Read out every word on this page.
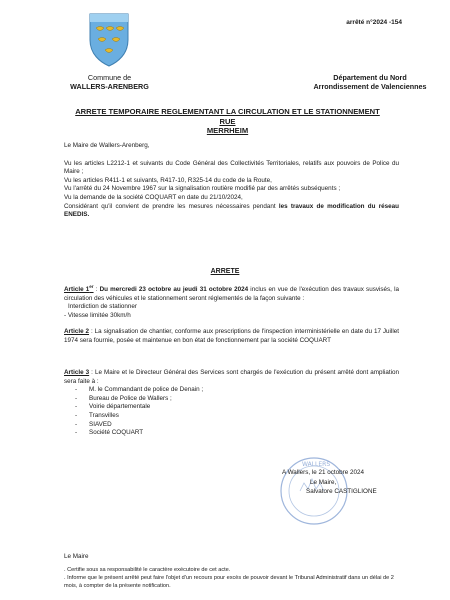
arrêté n°2024 -154
Commune de
WALLERS-ARENBERG
Département du Nord
Arrondissement de Valenciennes
ARRETE TEMPORAIRE REGLEMENTANT LA CIRCULATION ET LE STATIONNEMENT RUE
MERRHEIM
Le Maire de Wallers-Arenberg,
Vu les articles L2212-1 et suivants du Code Général des Collectivités Territoriales, relatifs aux pouvoirs de Police du Maire ;
Vu les articles R411-1 et suivants, R417-10, R325-14 du code de la Route,
Vu l'arrêté du 24 Novembre 1967 sur la signalisation routière modifié par des arrêtés subséquents ;
Vu la demande de la société COQUART en date du 21/10/2024,
Considérant qu'il convient de prendre les mesures nécessaires pendant les travaux de modification du réseau ENEDIS.
ARRETE
Article 1er : Du mercredi 23 octobre au jeudi 31 octobre 2024 inclus en vue de l'exécution des travaux susvisés, la circulation des véhicules et le stationnement seront réglementés de la façon suivante :
Interdiction de stationner
- Vitesse limitée 30km/h
Article 2 : La signalisation de chantier, conforme aux prescriptions de l'inspection interministérielle en date du 17 Juillet 1974 sera fournie, posée et maintenue en bon état de fonctionnement par la société COQUART
Article 3 : Le Maire et le Directeur Général des Services sont chargés de l'exécution du présent arrêté dont ampliation sera faite à :
- M. le Commandant de police de Denain ;
- Bureau de Police de Wallers ;
- Voirie départementale
- Transvilles
- SIAVED
- Société COQUART
WALLERS
A Wallers, le 21 octobre 2024
Le Maire,
Salvatore CASTIGLIONE
Le Maire
. Certifie sous sa responsabilité le caractère exécutoire de cet acte.
. Informe que le présent arrêté peut faire l'objet d'un recours pour excès de pouvoir devant le Tribunal Administratif dans un délai de 2 mois, à compter de la présente notification.
